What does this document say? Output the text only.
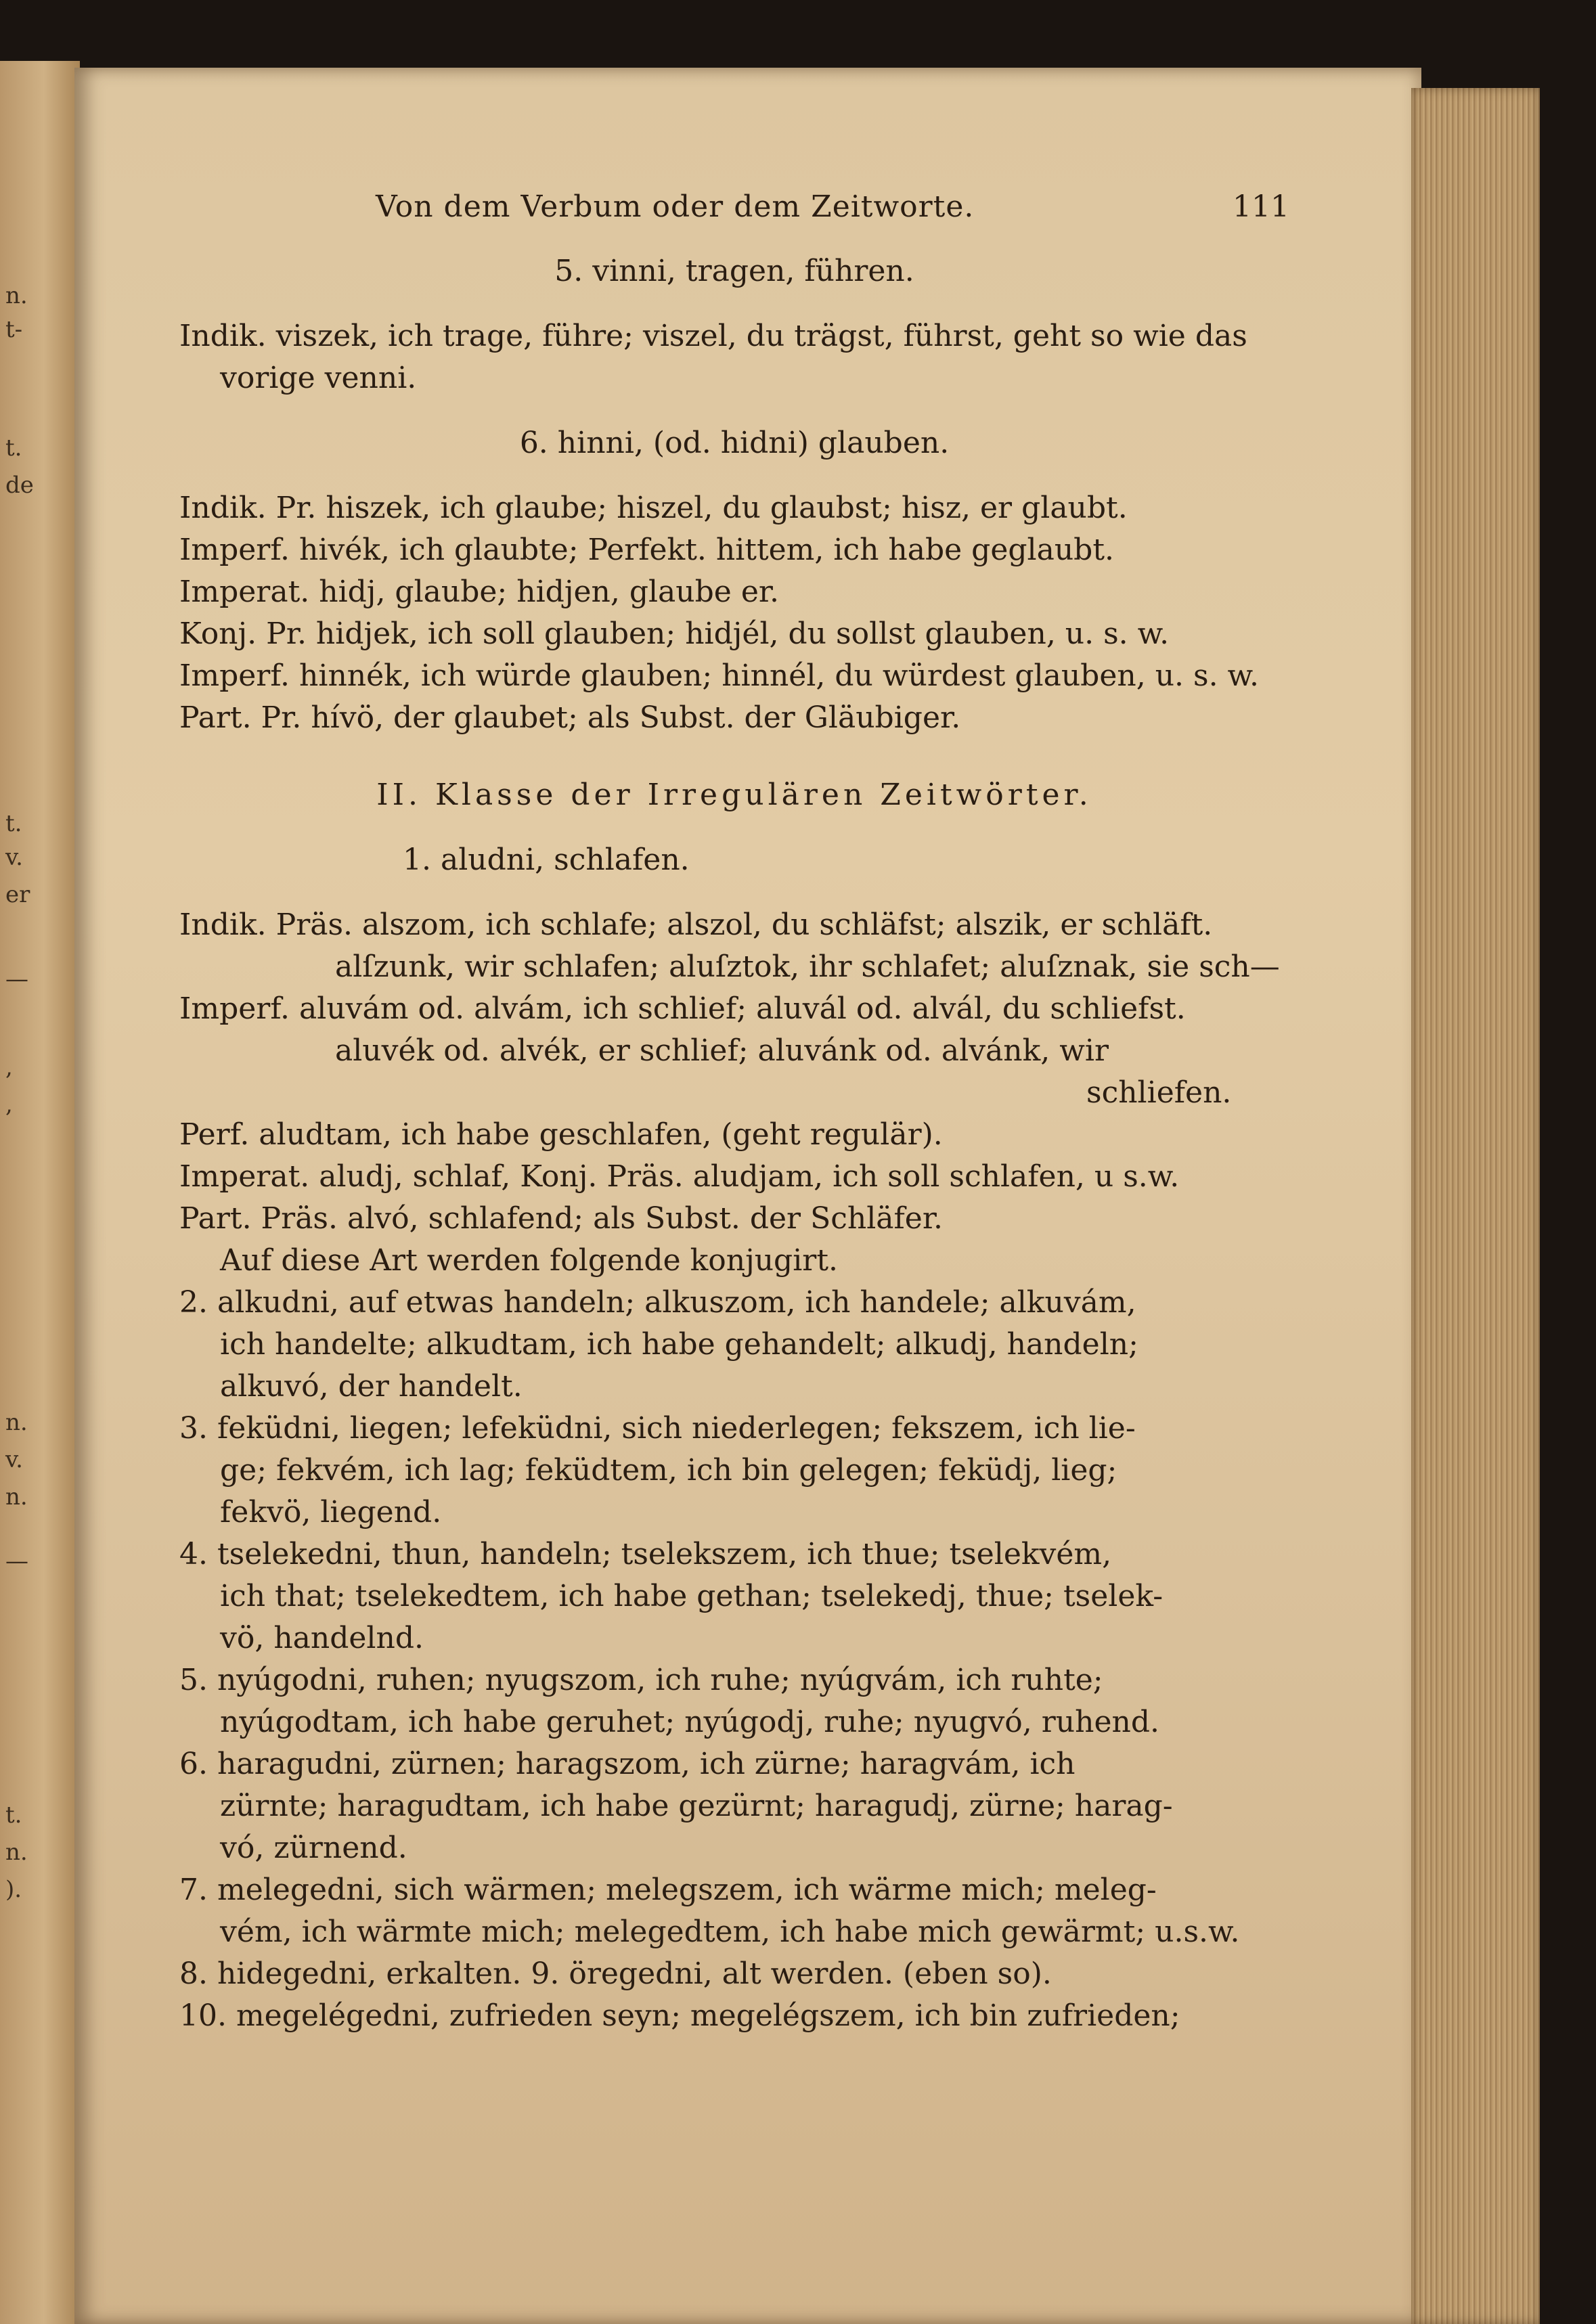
n.
t-
t.
de
t.
v.
er
—
,
,
n.
v.
n.
—
t.
n.
).
Von dem Verbum oder dem Zeitworte.	111
5. vinni, tragen, führen.
Indik. viszek, ich trage, führe; viszel, du trägst, führst, geht so wie das
vorige venni.
6. hinni, (od. hidni) glauben.
Indik. Pr. hiszek, ich glaube; hiszel, du glaubst; hisz, er glaubt.
Imperf. hivék, ich glaubte; Perfekt. hittem, ich habe geglaubt.
Imperat. hidj, glaube; hidjen, glaube er.
Konj. Pr. hidjek, ich soll glauben; hidjél, du sollst glauben, u. s. w.
Imperf. hinnék, ich würde glauben; hinnél, du würdest glauben, u. s. w.
Part. Pr. hívö, der glaubet; als Subst. der Gläubiger.
II. Klasse der Irregulären Zeitwörter.
1. aludni, schlafen.
Indik. Präs. alszom, ich schlafe; alszol, du schläfst; alszik, er schläft.
alſzunk, wir schlafen; aluſztok, ihr schlafet; aluſznak, sie sch—
Imperf. aluvám od. alvám, ich schlief; aluvál od. alvál, du schliefst.
aluvék od. alvék, er schlief; aluvánk od. alvánk, wir
schliefen.
Perf. aludtam, ich habe geschlafen, (geht regulär).
Imperat. aludj, schlaf, Konj. Präs. aludjam, ich soll schlafen, u s.w.
Part. Präs. alvó, schlafend; als Subst. der Schläfer.
Auf diese Art werden folgende konjugirt.
2. alkudni, auf etwas handeln; alkuszom, ich handele; alkuvám,
ich handelte; alkudtam, ich habe gehandelt; alkudj, handeln;
alkuvó, der handelt.
3. feküdni, liegen; lefeküdni, sich niederlegen; fekszem, ich lie-
ge; fekvém, ich lag; feküdtem, ich bin gelegen; feküdj, lieg;
fekvö, liegend.
4. tselekedni, thun, handeln; tselekszem, ich thue; tselekvém,
ich that; tselekedtem, ich habe gethan; tselekedj, thue; tselek-
vö, handelnd.
5. nyúgodni, ruhen; nyugszom, ich ruhe; nyúgvám, ich ruhte;
nyúgodtam, ich habe geruhet; nyúgodj, ruhe; nyugvó, ruhend.
6. haragudni, zürnen; haragszom, ich zürne; haragvám, ich
zürnte; haragudtam, ich habe gezürnt; haragudj, zürne; harag-
vó, zürnend.
7. melegedni, sich wärmen; melegszem, ich wärme mich; meleg-
vém, ich wärmte mich; melegedtem, ich habe mich gewärmt; u.s.w.
8. hidegedni, erkalten. 9. öregedni, alt werden. (eben so).
10. megelégedni, zufrieden seyn; megelégszem, ich bin zufrieden;
